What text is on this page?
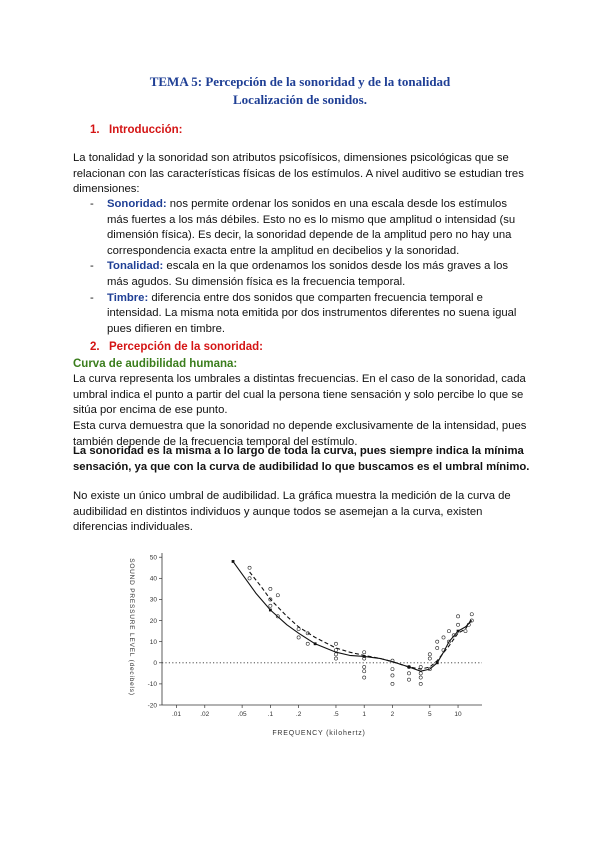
TEMA 5: Percepción de la sonoridad y de la tonalidad
Localización de sonidos.
1. Introducción:

La tonalidad y la sonoridad son atributos psicofísicos, dimensiones psicológicas que se relacionan con las características físicas de los estímulos. A nivel auditivo se estudian tres dimensiones:

- Sonoridad: nos permite ordenar los sonidos en una escala desde los estímulos más fuertes a los más débiles. Esto no es lo mismo que amplitud o intensidad (su dimensión física). Es decir, la sonoridad depende de la amplitud pero no hay una correspondencia exacta entre la amplitud en decibelios y la sonoridad.
- Tonalidad: escala en la que ordenamos los sonidos desde los más graves a los más agudos. Su dimensión física es la frecuencia temporal.
- Timbre: diferencia entre dos sonidos que comparten frecuencia temporal e intensidad. La misma nota emitida por dos instrumentos diferentes no suena igual pues difieren en timbre.
2. Percepción de la sonoridad:
Curva de audibilidad humana:

La curva representa los umbrales a distintas frecuencias. En el caso de la sonoridad, cada umbral indica el punto a partir del cual la persona tiene sensación y solo percibe lo que se sitúa por encima de ese punto.

Esta curva demuestra que la sonoridad no depende exclusivamente de la intensidad, pues también depende de la frecuencia temporal del estímulo.

La sonoridad es la misma a lo largo de toda la curva, pues siempre indica la mínima sensación, ya que con la curva de audibilidad lo que buscamos es el umbral mínimo.

No existe un único umbral de audibilidad. La gráfica muestra la medición de la curva de audibilidad en distintos individuos y aunque todos se asemejan a la curva, existen diferencias individuales.

-20
-10
0
10
20
30
40
50
.01	.02	.05	.1	.2	.5	1	2	5	10
FREQUENCY (kilohertz)
SOUND PRESSURE LEVEL (decibels)
